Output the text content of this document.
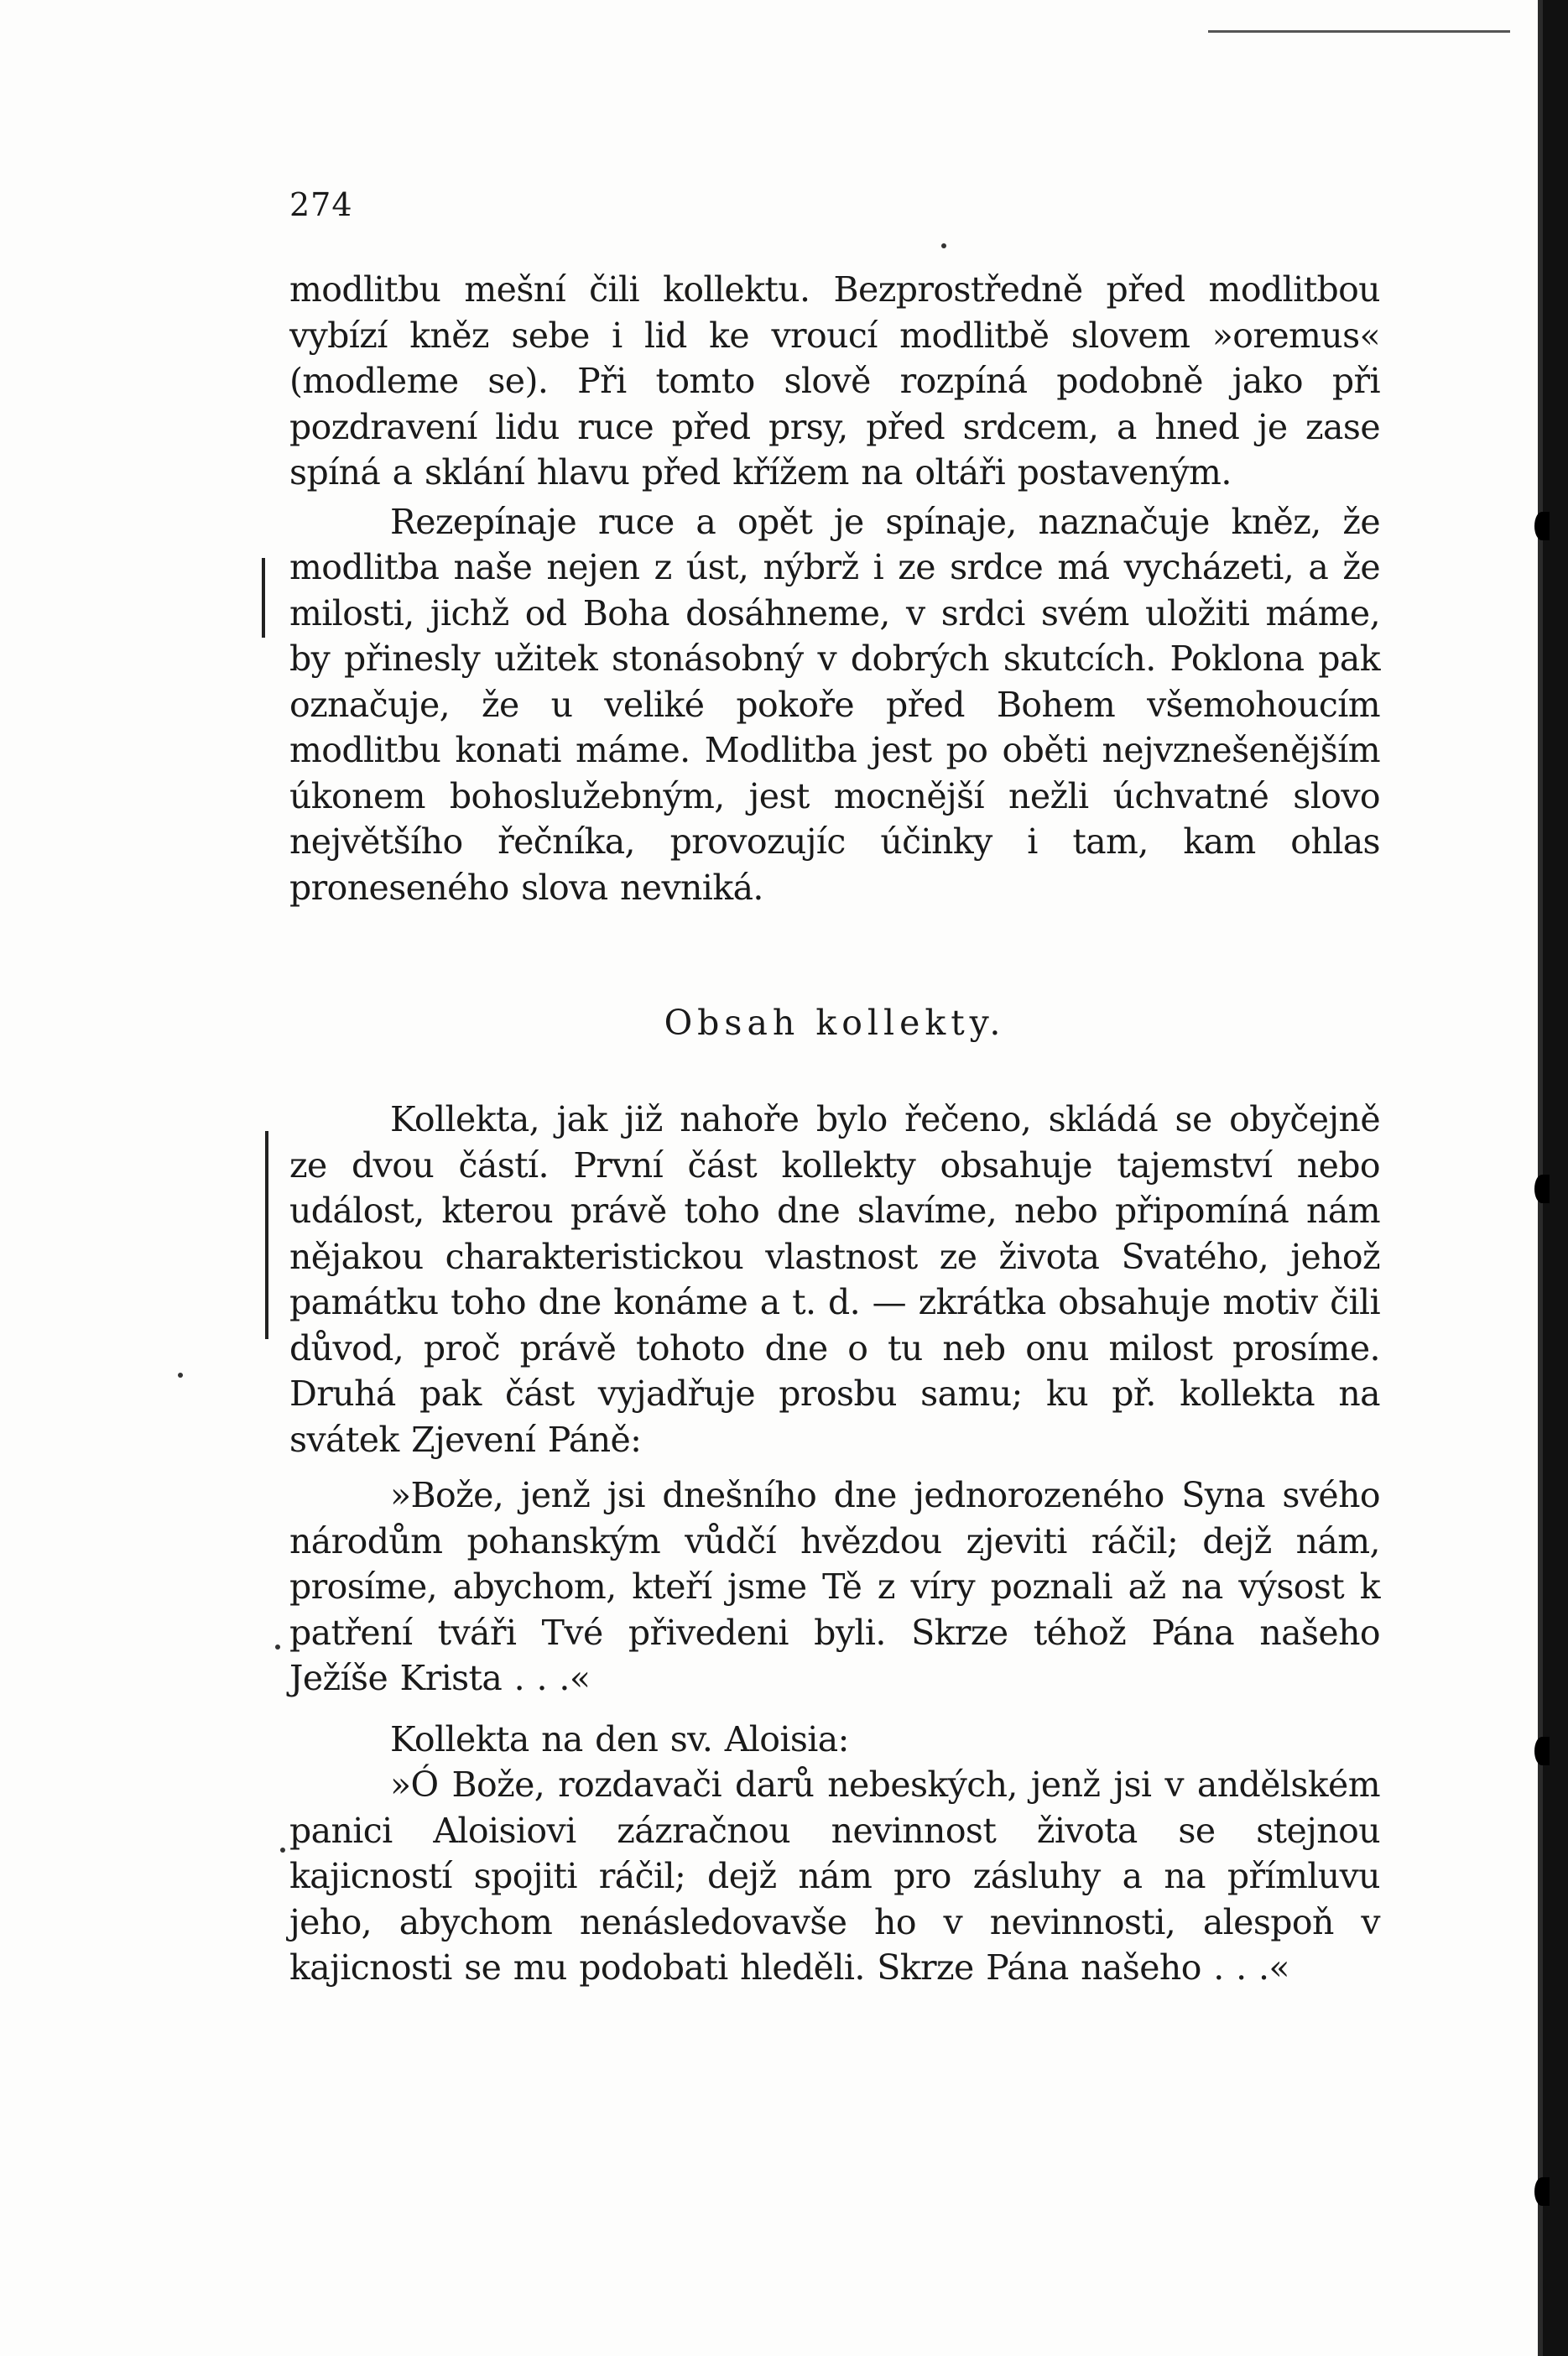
274

modlitbu mešní čili kollektu. Bezprostředně před modlitbou vybízí kněz sebe i lid ke vroucí modlitbě slovem »oremus« (modleme se). Při tomto slově rozpíná podobně jako při pozdravení lidu ruce před prsy, před srdcem, a hned je zase spíná a sklání hlavu před křížem na oltáři postaveným.

Rezepínaje ruce a opět je spínaje, naznačuje kněz, že modlitba naše nejen z úst, nýbrž i ze srdce má vycházeti, a že milosti, jichž od Boha dosáhneme, v srdci svém uložiti máme, by přinesly užitek stonásobný v dobrých skutcích. Poklona pak označuje, že u veliké pokoře před Bohem všemohoucím modlitbu konati máme. Modlitba jest po oběti nejvznešenějším úkonem bohoslužebným, jest mocnější nežli úchvatné slovo největšího řečníka, provozujíc účinky i tam, kam ohlas proneseného slova nevniká.

Obsah kollekty.

Kollekta, jak již nahoře bylo řečeno, skládá se obyčejně ze dvou částí. První část kollekty obsahuje tajemství nebo událost, kterou právě toho dne slavíme, nebo připomíná nám nějakou charakteristickou vlastnost ze života Svatého, jehož památku toho dne konáme a t. d. — zkrátka obsahuje motiv čili důvod, proč právě tohoto dne o tu neb onu milost prosíme. Druhá pak část vyjadřuje prosbu samu; ku př. kollekta na svátek Zjevení Páně:

»Bože, jenž jsi dnešního dne jednorozeného Syna svého národům pohanským vůdčí hvězdou zjeviti ráčil; dejž nám, prosíme, abychom, kteří jsme Tě z víry poznali až na výsost k patření tváři Tvé přivedeni byli. Skrze téhož Pána našeho Ježíše Krista . . .«

Kollekta na den sv. Aloisia:

»Ó Bože, rozdavači darů nebeských, jenž jsi v andělském panici Aloisiovi zázračnou nevinnost života se stejnou kajicností spojiti ráčil; dejž nám pro zásluhy a na přímluvu jeho, abychom nenásledovavše ho v nevinnosti, alespoň v kajicnosti se mu podobati hleděli. Skrze Pána našeho . . .«
